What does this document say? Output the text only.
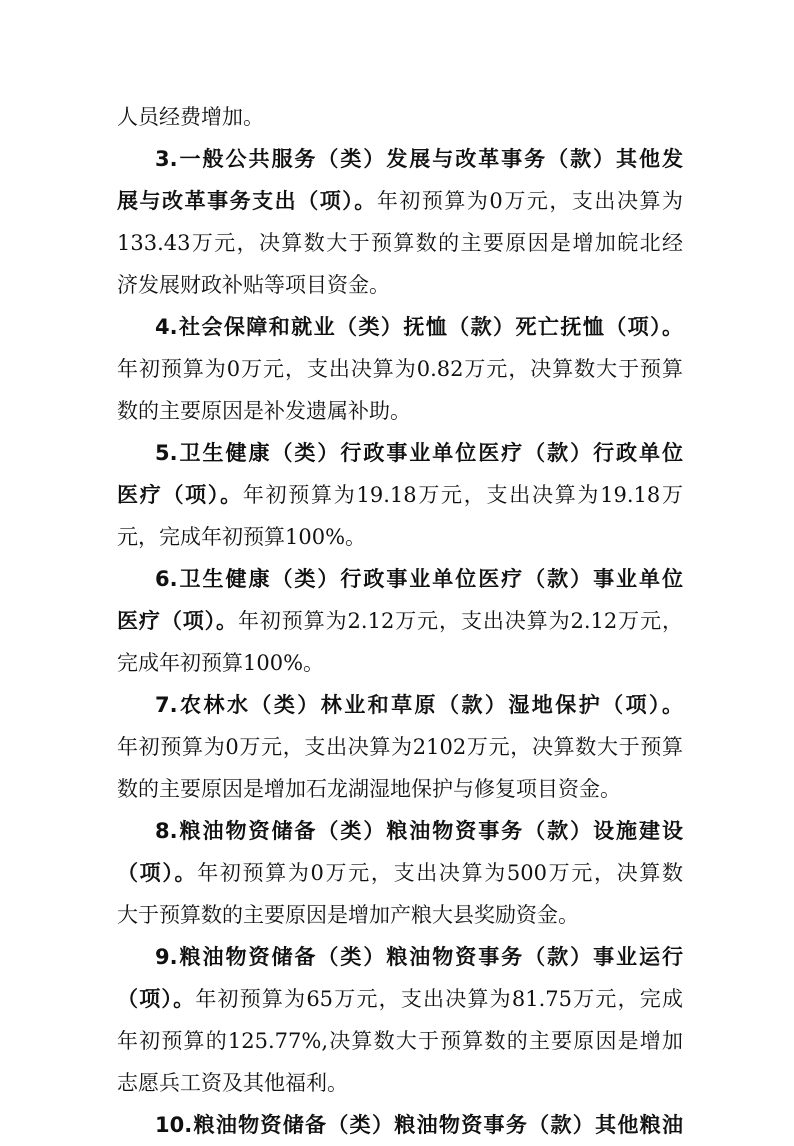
人员经费增加。
3.一般公共服务（类）发展与改革事务（款）其他发
展与改革事务支出（项）。年初预算为0万元，支出决算为
133.43万元，决算数大于预算数的主要原因是增加皖北经
济发展财政补贴等项目资金。
4.社会保障和就业（类）抚恤（款）死亡抚恤（项）。
年初预算为0万元，支出决算为0.82万元，决算数大于预算
数的主要原因是补发遗属补助。
5.卫生健康（类）行政事业单位医疗（款）行政单位
医疗（项）。年初预算为19.18万元，支出决算为19.18万
元，完成年初预算100%。
6.卫生健康（类）行政事业单位医疗（款）事业单位
医疗（项）。年初预算为2.12万元，支出决算为2.12万元，
完成年初预算100%。
7.农林水（类）林业和草原（款）湿地保护（项）。
年初预算为0万元，支出决算为2102万元，决算数大于预算
数的主要原因是增加石龙湖湿地保护与修复项目资金。
8.粮油物资储备（类）粮油物资事务（款）设施建设
（项）。年初预算为0万元，支出决算为500万元，决算数
大于预算数的主要原因是增加产粮大县奖励资金。
9.粮油物资储备（类）粮油物资事务（款）事业运行
（项）。年初预算为65万元，支出决算为81.75万元，完成
年初预算的125.77%,决算数大于预算数的主要原因是增加
志愿兵工资及其他福利。
10.粮油物资储备（类）粮油物资事务（款）其他粮油
